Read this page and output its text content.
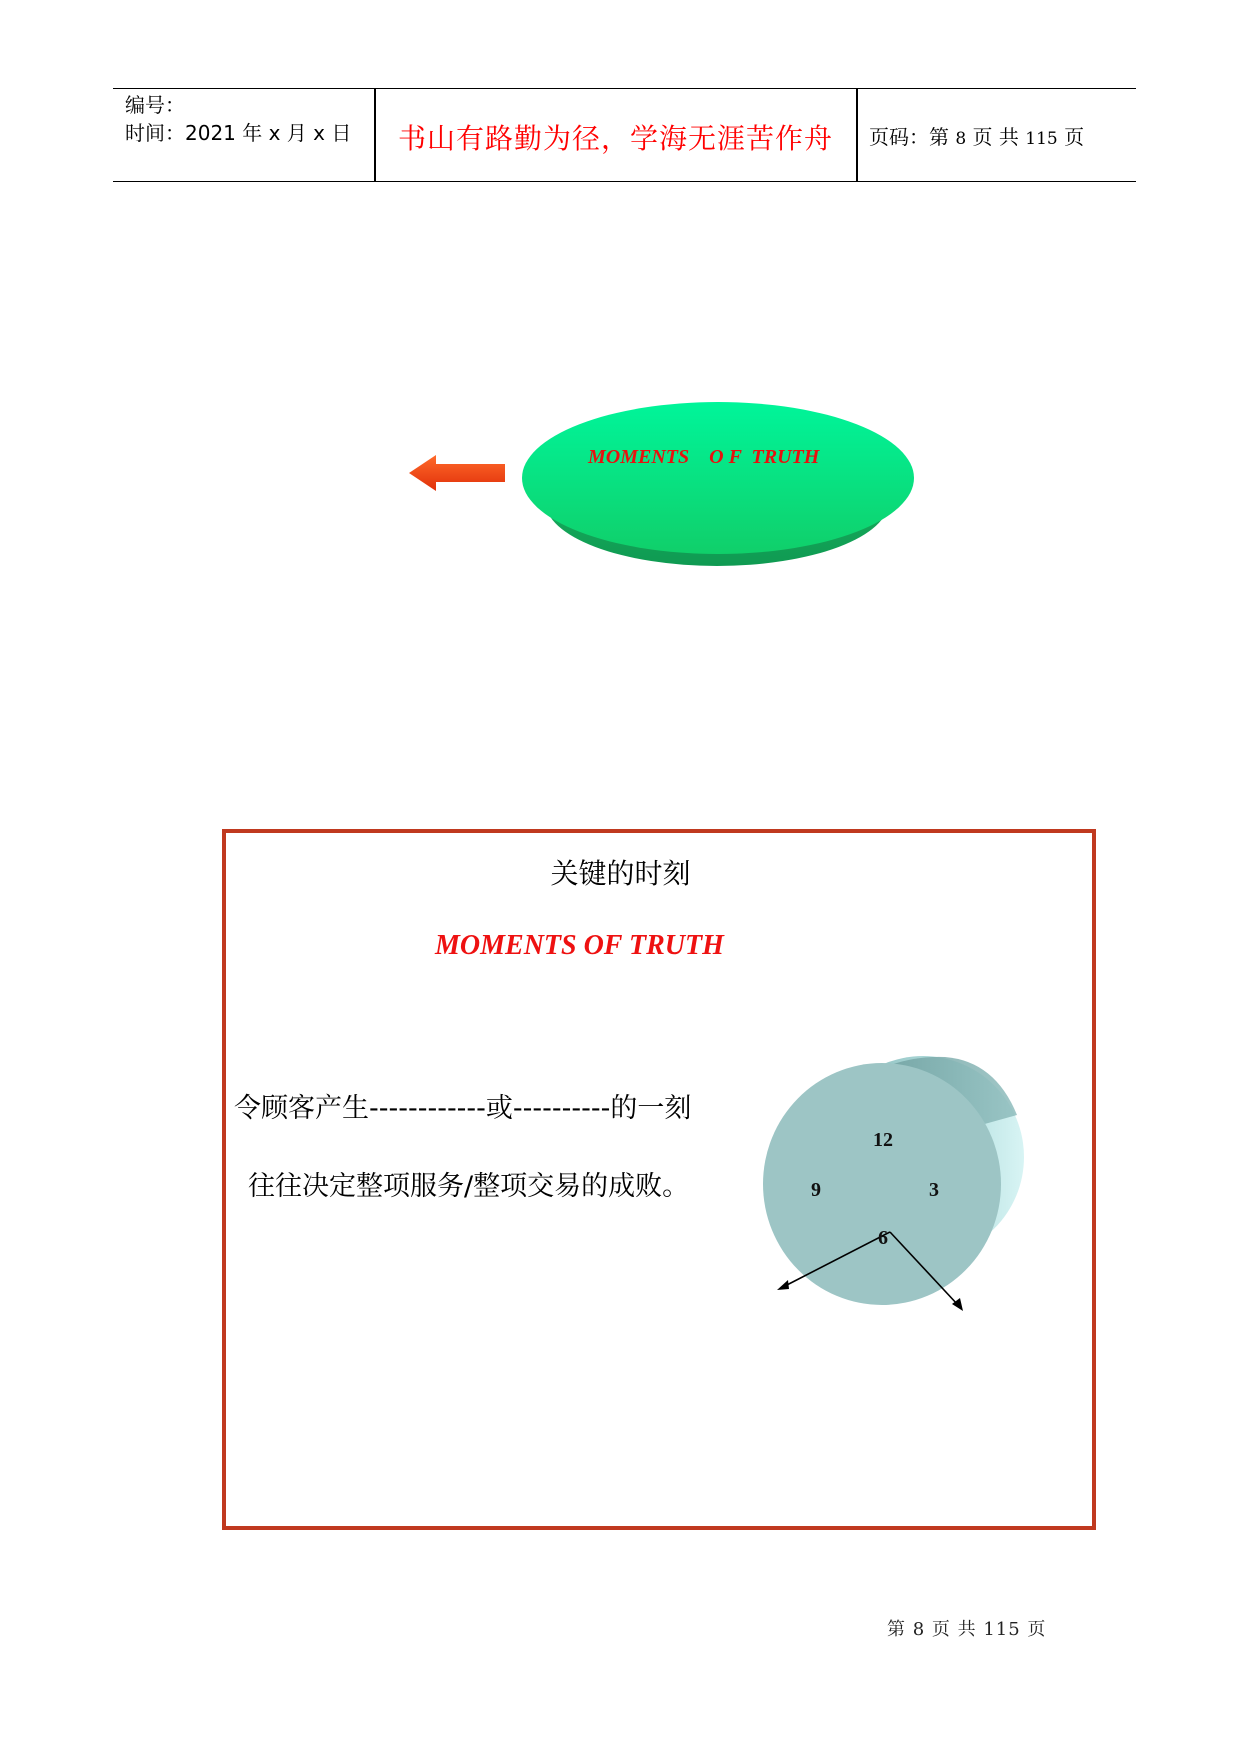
编号：
时间：2021 年 x 月 x 日	书山有路勤为径，学海无涯苦作舟	页码：第 8 页 共 115 页
MOMENTS    O F  TRUTH
关键的时刻
MOMENTS OF TRUTH
令顾客产生------------或----------的一刻
往往决定整项服务/整项交易的成败。
12
3
6
9
第 8 页 共 115 页
